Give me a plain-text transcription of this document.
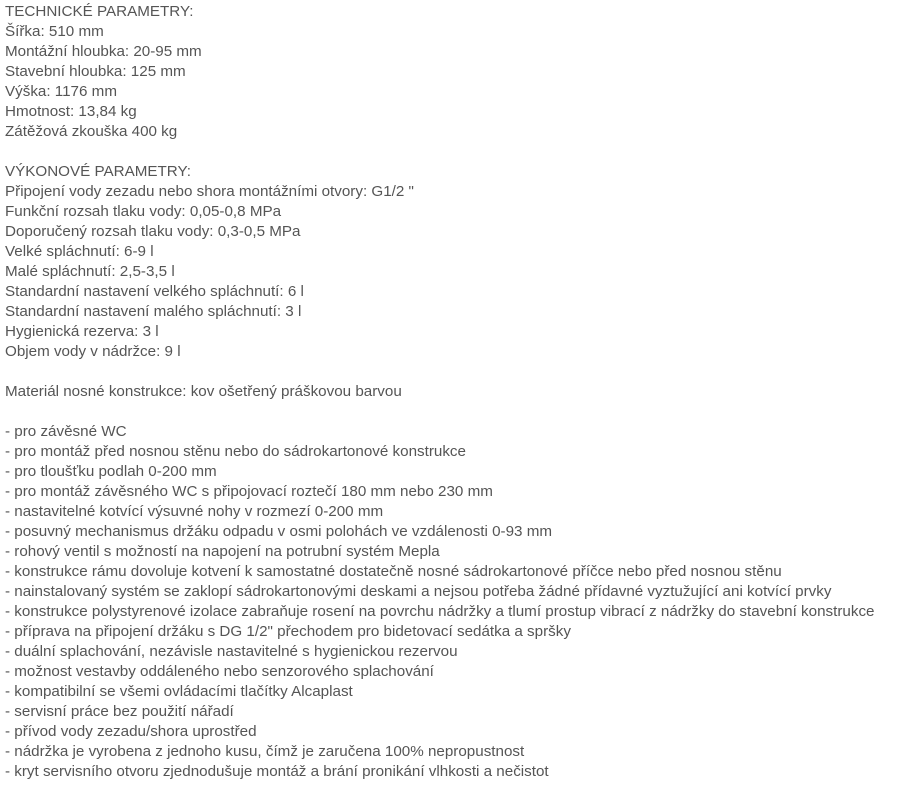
TECHNICKÉ PARAMETRY:
Šířka: 510 mm
Montážní hloubka: 20-95 mm
Stavební hloubka: 125 mm
Výška: 1176 mm
Hmotnost: 13,84 kg
Zátěžová zkouška 400 kg
VÝKONOVÉ PARAMETRY:
Připojení vody zezadu nebo shora montážními otvory: G1/2 "
Funkční rozsah tlaku vody: 0,05-0,8 MPa
Doporučený rozsah tlaku vody: 0,3-0,5 MPa
Velké spláchnutí: 6-9 l
Malé spláchnutí: 2,5-3,5 l
Standardní nastavení velkého spláchnutí: 6 l
Standardní nastavení malého spláchnutí: 3 l
Hygienická rezerva: 3 l
Objem vody v nádržce: 9 l
Materiál nosné konstrukce: kov ošetřený práškovou barvou
- pro závěsné WC
- pro montáž před nosnou stěnu nebo do sádrokartonové konstrukce
- pro tloušťku podlah 0-200 mm
- pro montáž závěsného WC s připojovací roztečí 180 mm nebo 230 mm
- nastavitelné kotvící výsuvné nohy v rozmezí 0-200 mm
- posuvný mechanismus držáku odpadu v osmi polohách ve vzdálenosti 0-93 mm
- rohový ventil s možností na napojení na potrubní systém Mepla
- konstrukce rámu dovoluje kotvení k samostatné dostatečně nosné sádrokartonové příčce nebo před nosnou stěnu
- nainstalovaný systém se zaklopí sádrokartonovými deskami a nejsou potřeba žádné přídavné vyztužující ani kotvící prvky
- konstrukce polystyrenové izolace zabraňuje rosení na povrchu nádržky a tlumí prostup vibrací z nádržky do stavební konstrukce
- příprava na připojení držáku s DG 1/2" přechodem pro bidetovací sedátka a spršky
- duální splachování, nezávisle nastavitelné s hygienickou rezervou
- možnost vestavby oddáleného nebo senzorového splachování
- kompatibilní se všemi ovládacími tlačítky Alcaplast
- servisní práce bez použití nářadí
- přívod vody zezadu/shora uprostřed
- nádržka je vyrobena z jednoho kusu, čímž je zaručena 100% nepropustnost
- kryt servisního otvoru zjednodušuje montáž a brání pronikání vlhkosti a nečistot
